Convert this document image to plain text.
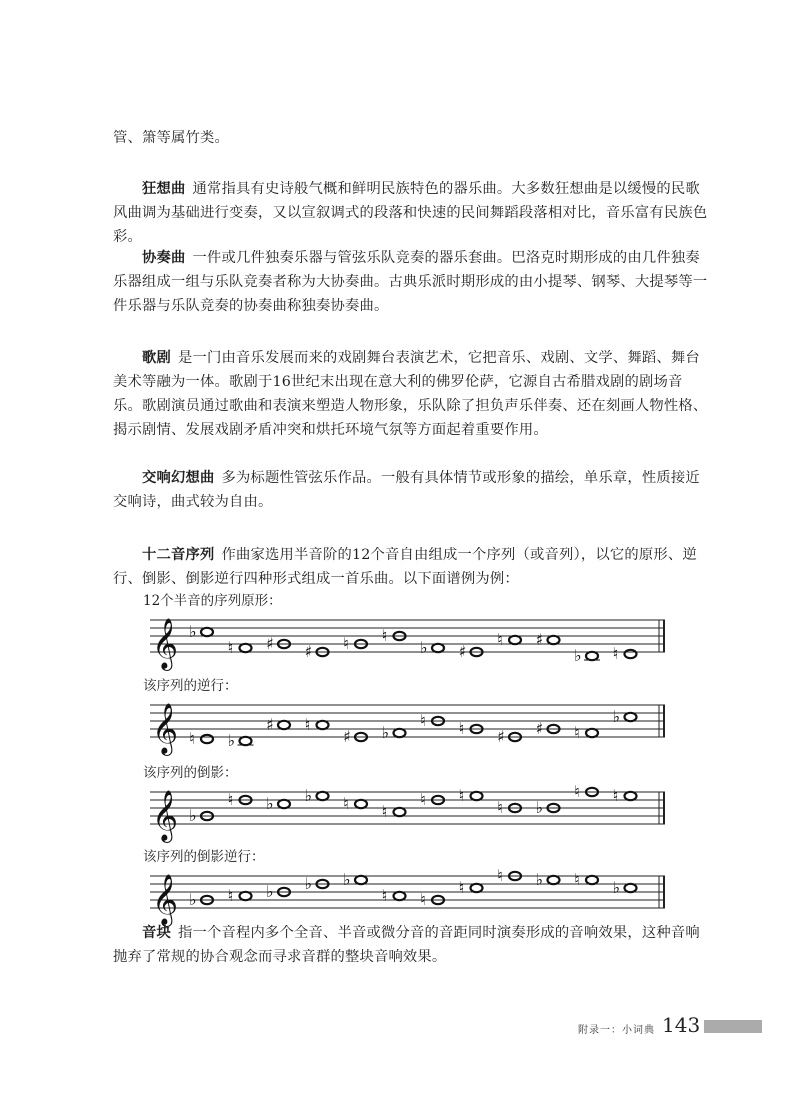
管、箫等属竹类。

狂想曲 通常指具有史诗般气概和鲜明民族特色的器乐曲。大多数狂想曲是以缓慢的民歌风曲调为基础进行变奏，又以宣叙调式的段落和快速的民间舞蹈段落相对比，音乐富有民族色彩。

协奏曲 一件或几件独奏乐器与管弦乐队竞奏的器乐套曲。巴洛克时期形成的由几件独奏乐器组成一组与乐队竞奏者称为大协奏曲。古典乐派时期形成的由小提琴、钢琴、大提琴等一件乐器与乐队竞奏的协奏曲称独奏协奏曲。

歌剧 是一门由音乐发展而来的戏剧舞台表演艺术，它把音乐、戏剧、文学、舞蹈、舞台美术等融为一体。歌剧于16世纪末出现在意大利的佛罗伦萨，它源自古希腊戏剧的剧场音乐。歌剧演员通过歌曲和表演来塑造人物形象，乐队除了担负声乐伴奏、还在刻画人物性格、揭示剧情、发展戏剧矛盾冲突和烘托环境气氛等方面起着重要作用。

交响幻想曲 多为标题性管弦乐作品。一般有具体情节或形象的描绘，单乐章，性质接近交响诗，曲式较为自由。

十二音序列 作曲家选用半音阶的12个音自由组成一个序列（或音列），以它的原形、逆行、倒影、倒影逆行四种形式组成一首乐曲。以下面谱例为例：

12个半音的序列原形：

𝄞 ♭
♮ ♯ ♯ ♮ ♮
♭ ♯
♮ ♯
♭ ♮

该序列的逆行：

𝄞 ♮ ♭
♯ ♮
♯ ♭
♮ ♮ ♯ ♯ ♮
♭

该序列的倒影：

𝄞 ♭
♮ ♭ ♭ ♮ ♮
♮ ♮
♮ ♭
♮ ♮

该序列的倒影逆行：

𝄞 ♭ ♮ ♭ ♭ ♭
♮ ♮
♮
♮ ♭ ♮ ♭

音块 指一个音程内多个全音、半音或微分音的音距同时演奏形成的音响效果，这种音响抛弃了常规的协合观念而寻求音群的整块音响效果。

附录一：小词典 143
